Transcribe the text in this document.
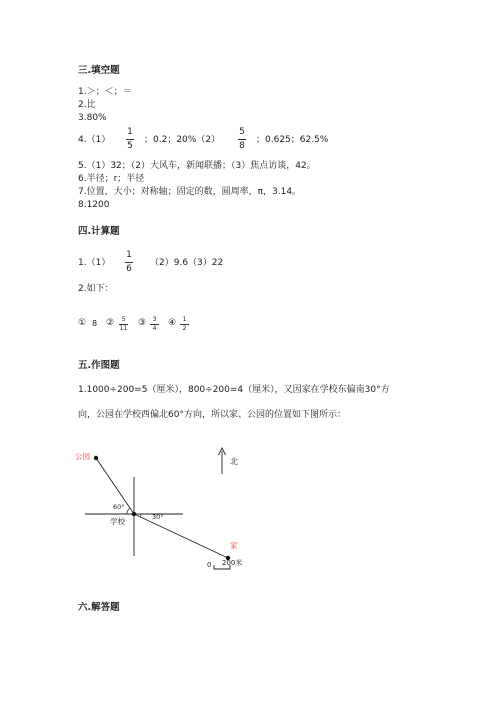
三.填空题
1.＞；＜；＝
2.比
3.80%
4.（1）
1
5
；0.2；20%（2）
5
8
；0.625；62.5%
5.（1）32；（2）大风车，新闻联播；（3）焦点访谈，42。
6.半径；r；半径
7.位置，大小；对称轴；固定的数，圆周率，π，3.14。
8.1200
四.计算题
1.（1）
1
6
（2）9.6（3）22
2.如下：
① 8 ② 5
11
③ 3
4
④ 1
2
五.作图题
1.1000÷200=5（厘米），800÷200=4（厘米），又因家在学校东偏南30°方
向，公园在学校西偏北60°方向，所以家、公园的位置如下图所示：
公园
60°
30°
学校
家
北
0 200米
六.解答题
